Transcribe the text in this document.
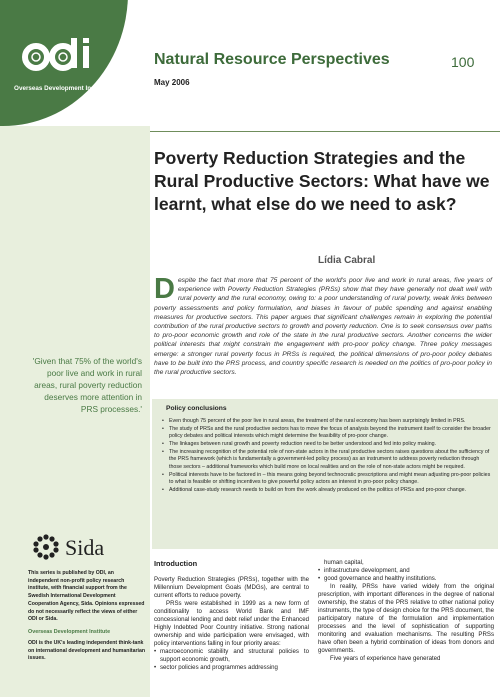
Overseas Development Institute
Natural Resource Perspectives	100
May 2006
Poverty Reduction Strategies and the Rural Productive Sectors: What have we learnt, what else do we need to ask?
Lídia Cabral
Despite the fact that more that 75 percent of the world's poor live and work in rural areas, five years of experience with Poverty Reduction Strategies (PRSs) show that they have generally not dealt well with rural poverty and the rural economy, owing to: a poor understanding of rural poverty, weak links between poverty assessments and policy formulation, and biases in favour of public spending and against enabling measures for productive sectors. This paper argues that significant challenges remain in exploring the potential contribution of the rural productive sectors to growth and poverty reduction. One is to seek consensus over paths to pro-poor economic growth and role of the state in the rural productive sectors. Another concerns the wider political interests that might constrain the engagement with pro-poor policy change. Three policy messages emerge: a stronger rural poverty focus in PRSs is required, the political dimensions of pro-poor policy debates have to be built into the PRS process, and country specific research is needed on the politics of pro-poor policy in the rural productive sectors.
'Given that 75% of the world's poor live and work in rural areas, rural poverty reduction deserves more attention in PRS processes.'	Policy conclusions
• Even though 75 percent of the poor live in rural areas, the treatment of the rural economy has been surprisingly limited in PRS.
• The study of PRSs and the rural productive sectors has to move the focus of analysis beyond the instrument itself to consider the broader policy debates and political interests which might determine the feasibility of pro-poor change.
• The linkages between rural growth and poverty reduction need to be better understood and fed into policy making.
• The increasing recognition of the potential role of non-state actors in the rural productive sectors raises questions about the sufficiency of the PRS framework (which is fundamentally a government-led policy process) as an instrument to address poverty reduction through those sectors – additional frameworks which build more on local realities and on the role of non-state actors might be required.
• Political interests have to be factored in – this means going beyond technocratic prescriptions and might mean adjusting pro-poor policies to what is feasible or shifting incentives to give powerful policy actors an interest in pro-poor policy change.
• Additional case-study research needs to build on from the work already produced on the politics of PRSs and pro-poor change.
Sida
This series is published by ODI, an independent non-profit policy research institute, with financial support from the Swedish International Development Cooperation Agency, Sida. Opinions expressed do not necessarily reflect the views of either ODI or Sida.
Overseas Development Institute
ODI is the UK's leading independent think-tank on international development and humanitarian issues.
Introduction

Poverty Reduction Strategies (PRSs), together with the Millennium Development Goals (MDGs), are central to current efforts to reduce poverty.

PRSs were established in 1999 as a new form of conditionality to access World Bank and IMF concessional lending and debt relief under the Enhanced Highly Indebted Poor Country initiative. Strong national ownership and wide participation were envisaged, with policy interventions falling in four priority areas:

• macroeconomic stability and structural policies to support economic growth,
• sector policies and programmes addressing

human capital,

• infrastructure development, and
• good governance and healthy institutions.

In reality, PRSs have varied widely from the original prescription, with important differences in the degree of national ownership, the status of the PRS relative to other national policy instruments, the type of design choice for the PRS document, the participatory nature of the formulation and implementation processes and the level of sophistication of supporting monitoring and evaluation mechanisms. The resulting PRSs have often been a hybrid combination of ideas from donors and governments.

Five years of experience have generated
